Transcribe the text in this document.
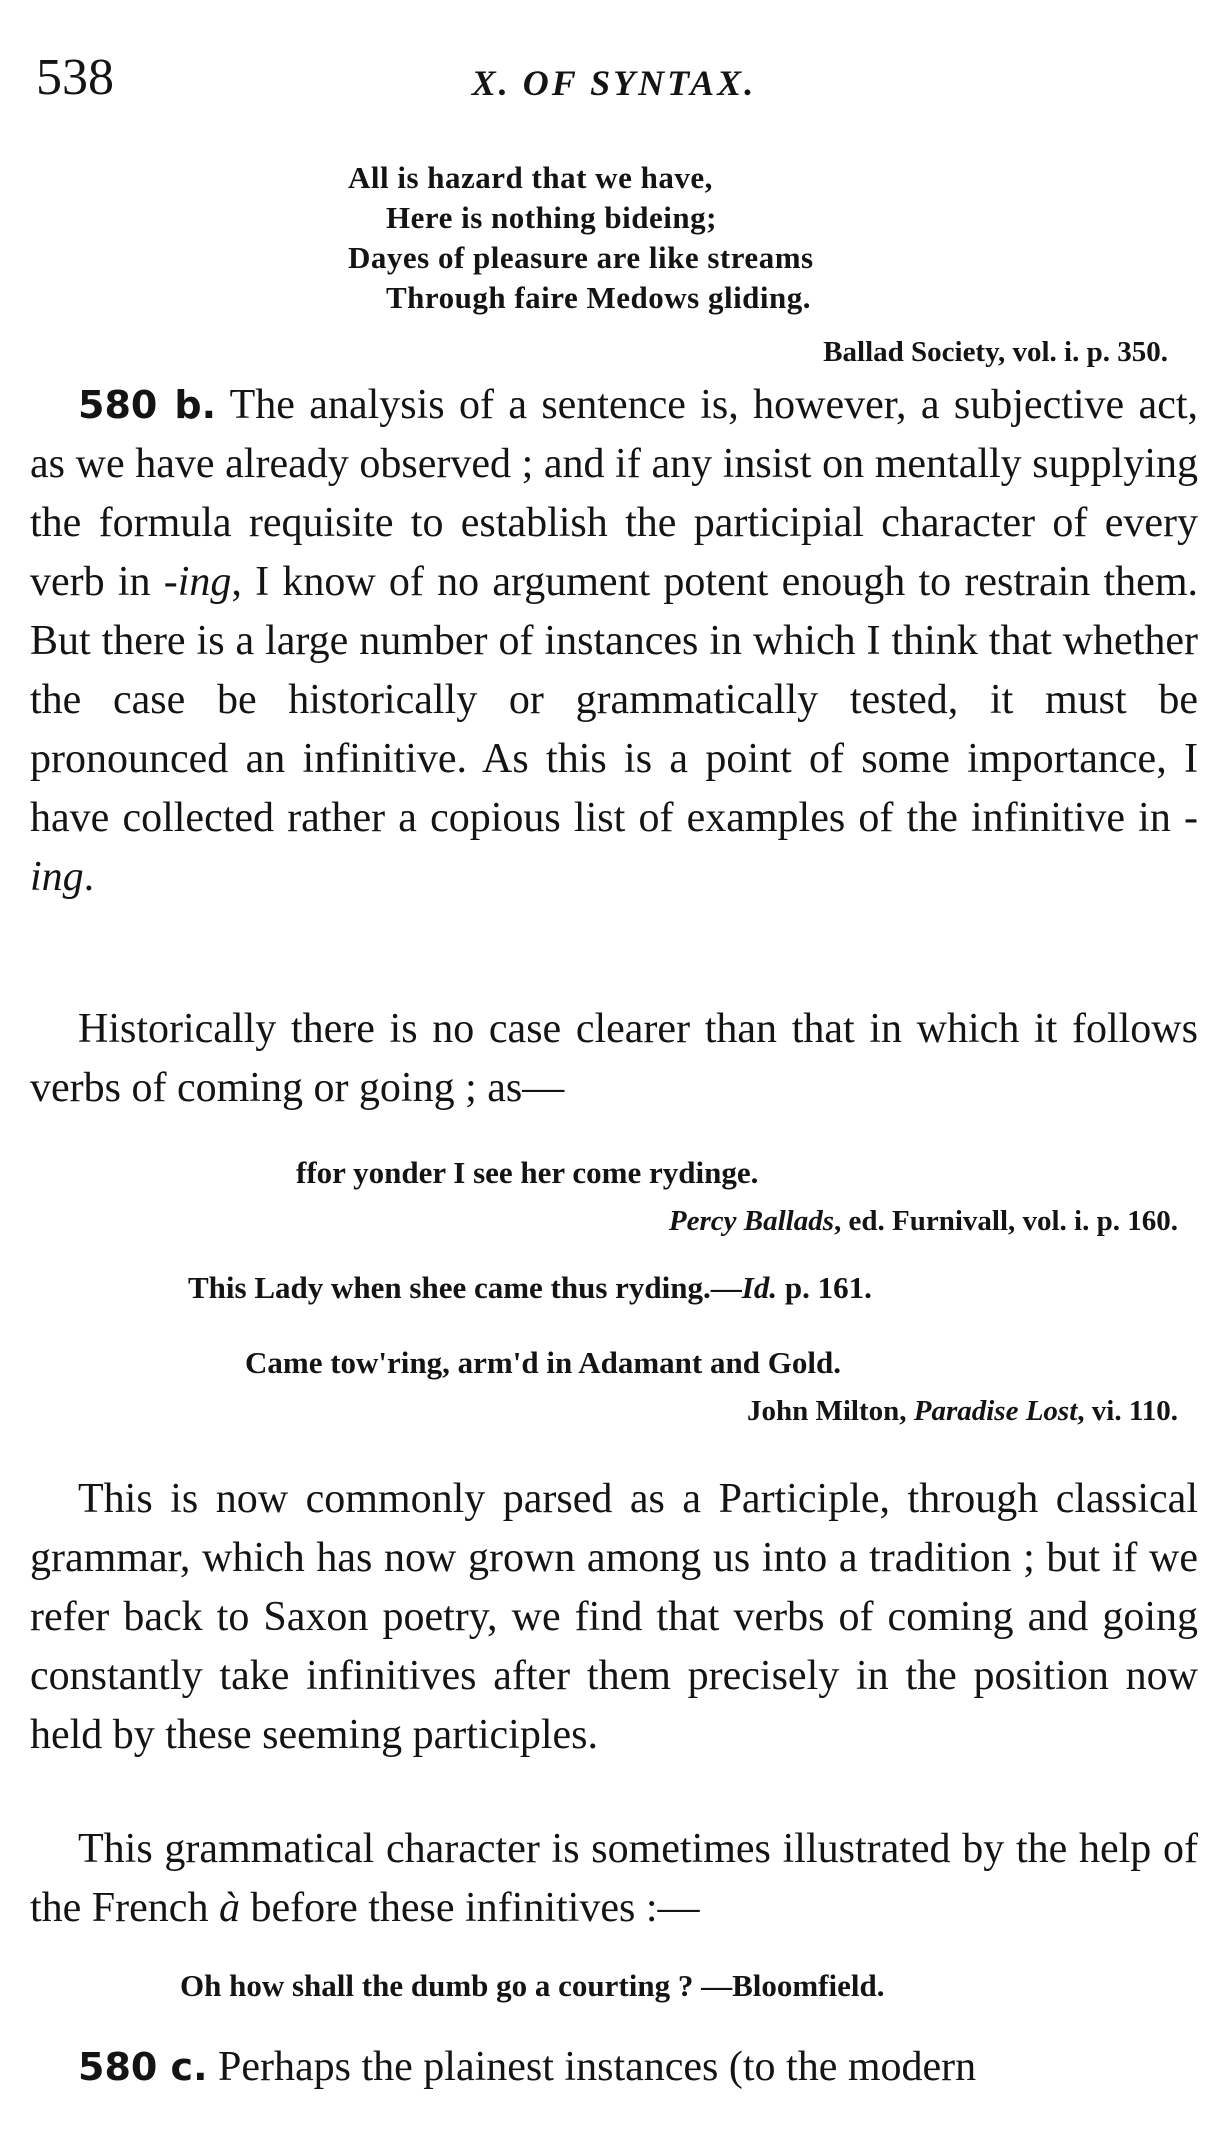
538	X. OF SYNTAX.
All is hazard that we have,
Here is nothing bideing;
Dayes of pleasure are like streams
Through faire Medows gliding.
Ballad Society, vol. i. p. 350.

580 b. The analysis of a sentence is, however, a subjective act, as we have already observed ; and if any insist on mentally supplying the formula requisite to establish the participial character of every verb in -ing, I know of no argument potent enough to restrain them. But there is a large number of instances in which I think that whether the case be historically or grammatically tested, it must be pronounced an infinitive. As this is a point of some importance, I have collected rather a copious list of examples of the infinitive in -ing.

Historically there is no case clearer than that in which it follows verbs of coming or going ; as—

ffor yonder I see her come rydinge.
Percy Ballads, ed. Furnivall, vol. i. p. 160.
This Lady when shee came thus ryding.—Id. p. 161.
Came tow'ring, arm'd in Adamant and Gold.
John Milton, Paradise Lost, vi. 110.

This is now commonly parsed as a Participle, through classical grammar, which has now grown among us into a tradition ; but if we refer back to Saxon poetry, we find that verbs of coming and going constantly take infinitives after them precisely in the position now held by these seeming participles.

This grammatical character is sometimes illustrated by the help of the French à before these infinitives :—

Oh how shall the dumb go a courting ? —Bloomfield.

580 c. Perhaps the plainest instances (to the modern
